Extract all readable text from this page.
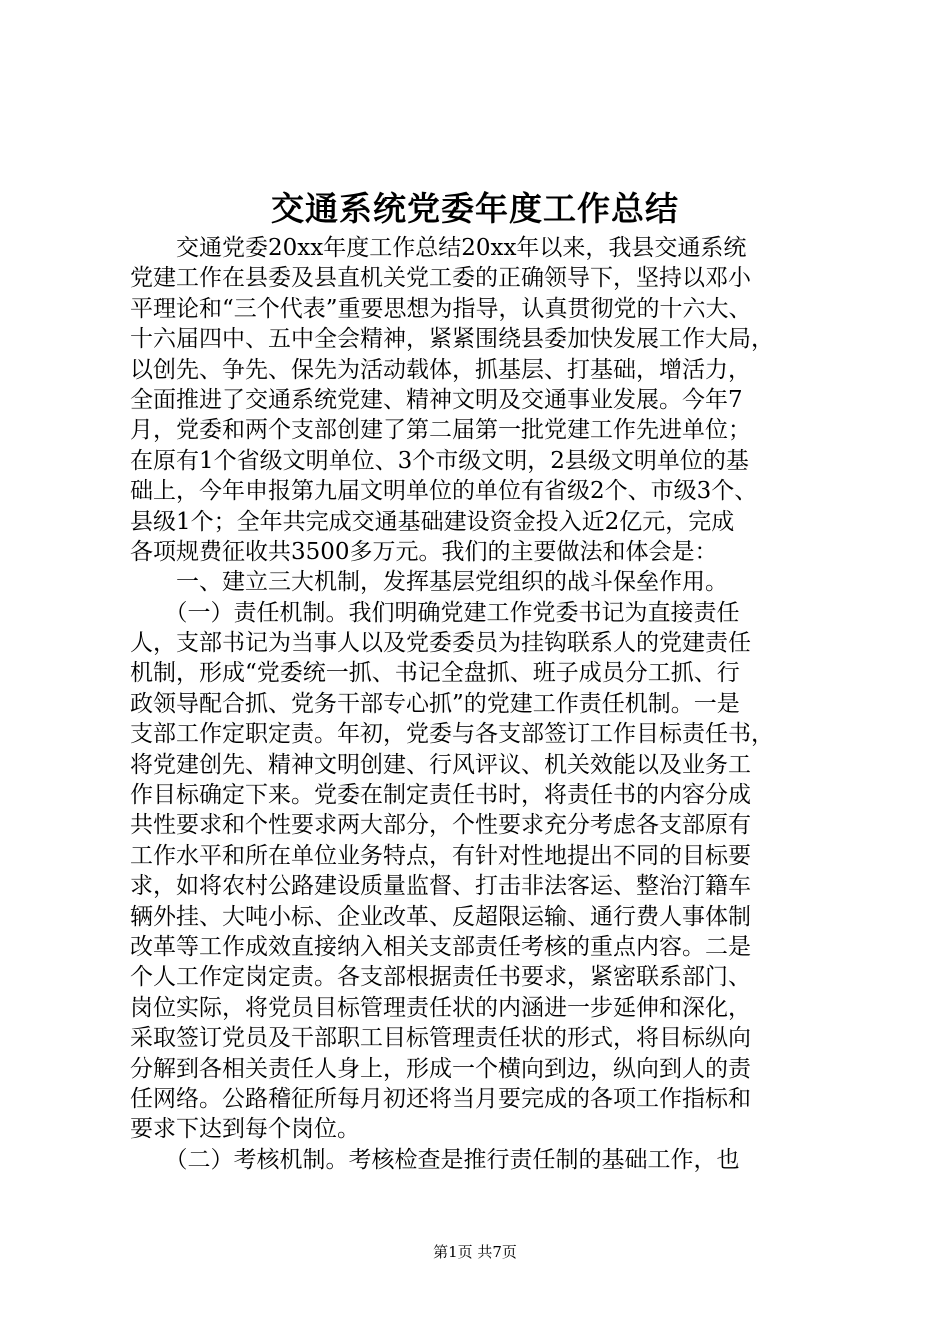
交通系统党委年度工作总结
　　交通党委20xx年度工作总结20xx年以来，我县交通系统
党建工作在县委及县直机关党工委的正确领导下，坚持以邓小
平理论和“三个代表”重要思想为指导，认真贯彻党的十六大、
十六届四中、五中全会精神，紧紧围绕县委加快发展工作大局，
以创先、争先、保先为活动载体，抓基层、打基础，增活力，
全面推进了交通系统党建、精神文明及交通事业发展。今年7
月，党委和两个支部创建了第二届第一批党建工作先进单位；
在原有1个省级文明单位、3个市级文明，2县级文明单位的基
础上，今年申报第九届文明单位的单位有省级2个、市级3个、
县级1个；全年共完成交通基础建设资金投入近2亿元，完成
各项规费征收共3500多万元。我们的主要做法和体会是：
　　一、建立三大机制，发挥基层党组织的战斗保垒作用。
　　（一）责任机制。我们明确党建工作党委书记为直接责任
人，支部书记为当事人以及党委委员为挂钩联系人的党建责任
机制，形成“党委统一抓、书记全盘抓、班子成员分工抓、行
政领导配合抓、党务干部专心抓”的党建工作责任机制。一是
支部工作定职定责。年初，党委与各支部签订工作目标责任书，
将党建创先、精神文明创建、行风评议、机关效能以及业务工
作目标确定下来。党委在制定责任书时，将责任书的内容分成
共性要求和个性要求两大部分，个性要求充分考虑各支部原有
工作水平和所在单位业务特点，有针对性地提出不同的目标要
求，如将农村公路建设质量监督、打击非法客运、整治汀籍车
辆外挂、大吨小标、企业改革、反超限运输、通行费人事体制
改革等工作成效直接纳入相关支部责任考核的重点内容。二是
个人工作定岗定责。各支部根据责任书要求，紧密联系部门、
岗位实际，将党员目标管理责任状的内涵进一步延伸和深化，
采取签订党员及干部职工目标管理责任状的形式，将目标纵向
分解到各相关责任人身上，形成一个横向到边，纵向到人的责
任网络。公路稽征所每月初还将当月要完成的各项工作指标和
要求下达到每个岗位。
　　（二）考核机制。考核检查是推行责任制的基础工作，也
第1页 共7页
